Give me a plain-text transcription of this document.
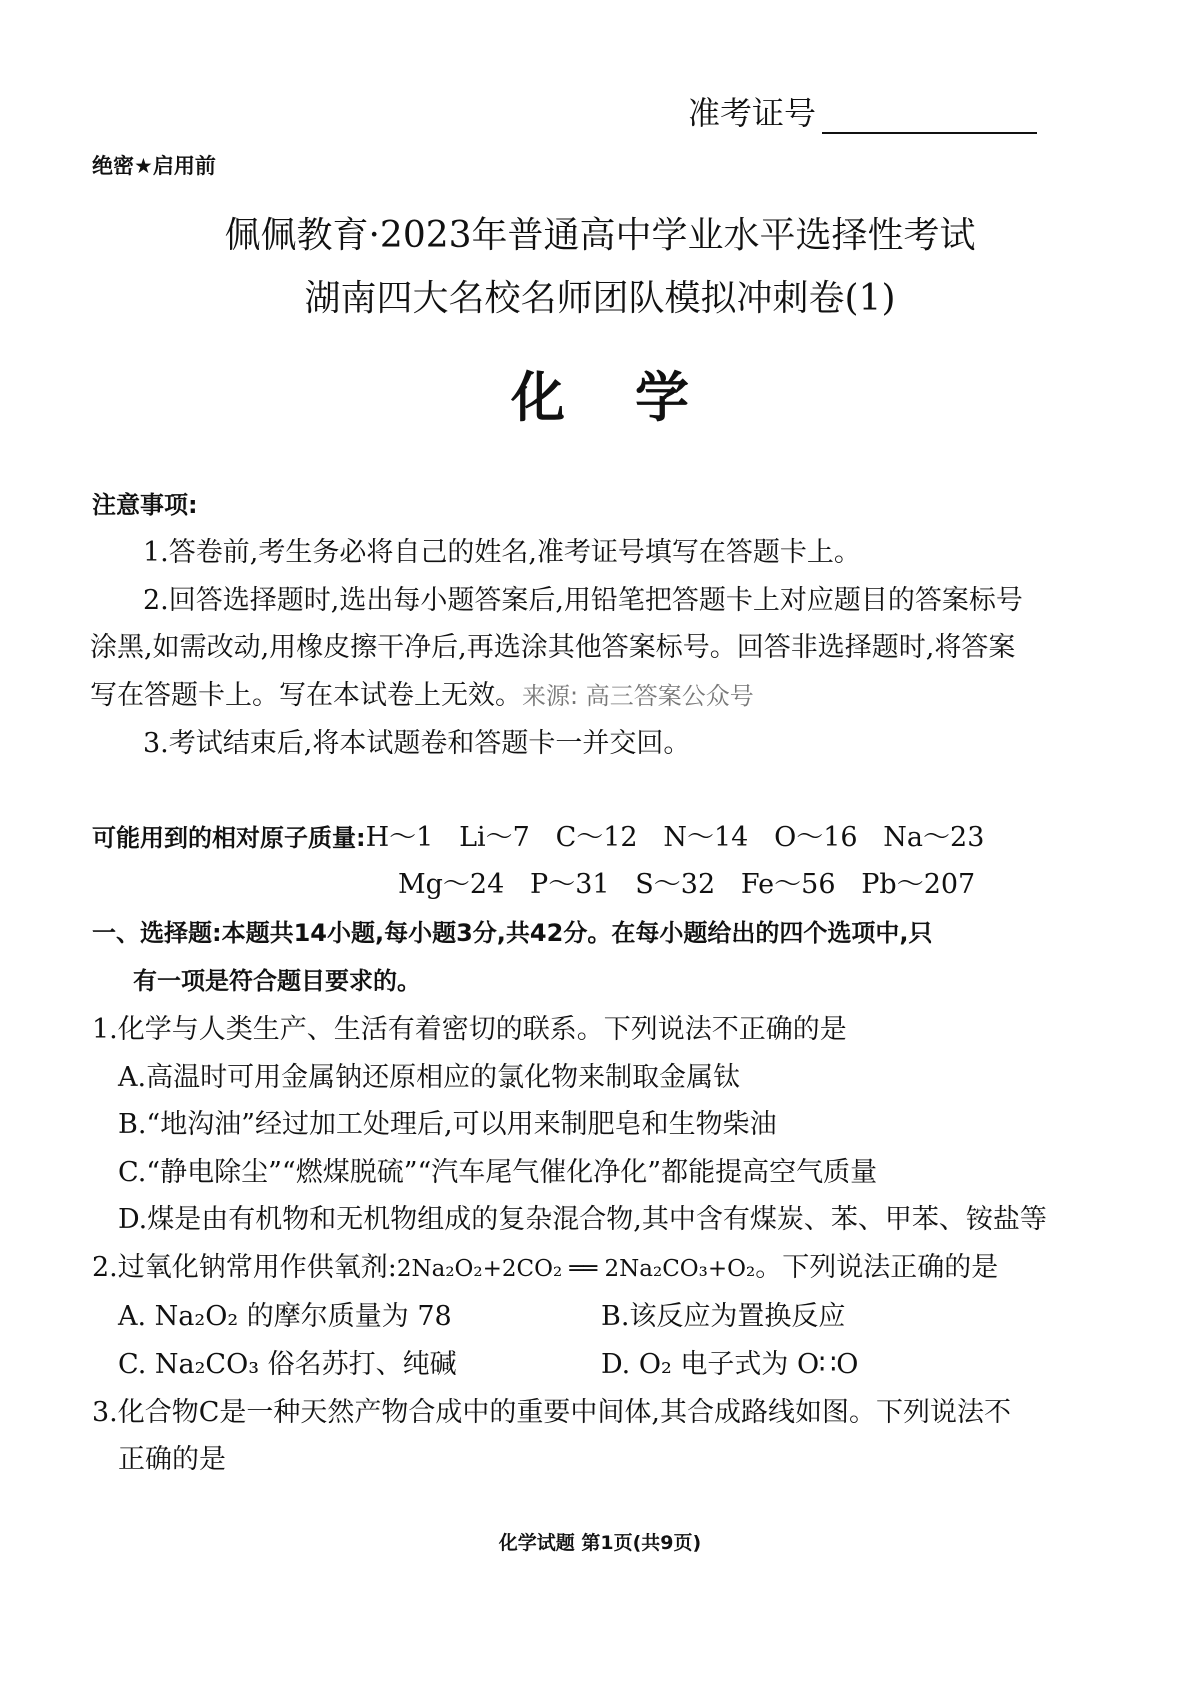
准考证号
绝密★启用前
佩佩教育·2023年普通高中学业水平选择性考试
湖南四大名校名师团队模拟冲刺卷(1)
化学
注意事项:
1.答卷前,考生务必将自己的姓名,准考证号填写在答题卡上。
2.回答选择题时,选出每小题答案后,用铅笔把答题卡上对应题目的答案标号
涂黑,如需改动,用橡皮擦干净后,再选涂其他答案标号。回答非选择题时,将答案
写在答题卡上。写在本试卷上无效。来源: 高三答案公众号
3.考试结束后,将本试题卷和答题卡一并交回。
可能用到的相对原子质量:H～1   Li～7   C～12   N～14   O～16   Na～23
Mg～24   P～31   S～32   Fe～56   Pb～207
一、选择题:本题共14小题,每小题3分,共42分。在每小题给出的四个选项中,只
有一项是符合题目要求的。
1.化学与人类生产、生活有着密切的联系。下列说法不正确的是
A.高温时可用金属钠还原相应的氯化物来制取金属钛
B.“地沟油”经过加工处理后,可以用来制肥皂和生物柴油
C.“静电除尘”“燃煤脱硫”“汽车尾气催化净化”都能提高空气质量
D.煤是由有机物和无机物组成的复杂混合物,其中含有煤炭、苯、甲苯、铵盐等
2.过氧化钠常用作供氧剂:2Na₂O₂+2CO₂ ══ 2Na₂CO₃+O₂。下列说法正确的是
A. Na₂O₂ 的摩尔质量为 78	B.该反应为置换反应
C. Na₂CO₃ 俗名苏打、纯碱	D. O₂ 电子式为 O∷O
3.化合物C是一种天然产物合成中的重要中间体,其合成路线如图。下列说法不
正确的是
化学试题 第1页(共9页)
